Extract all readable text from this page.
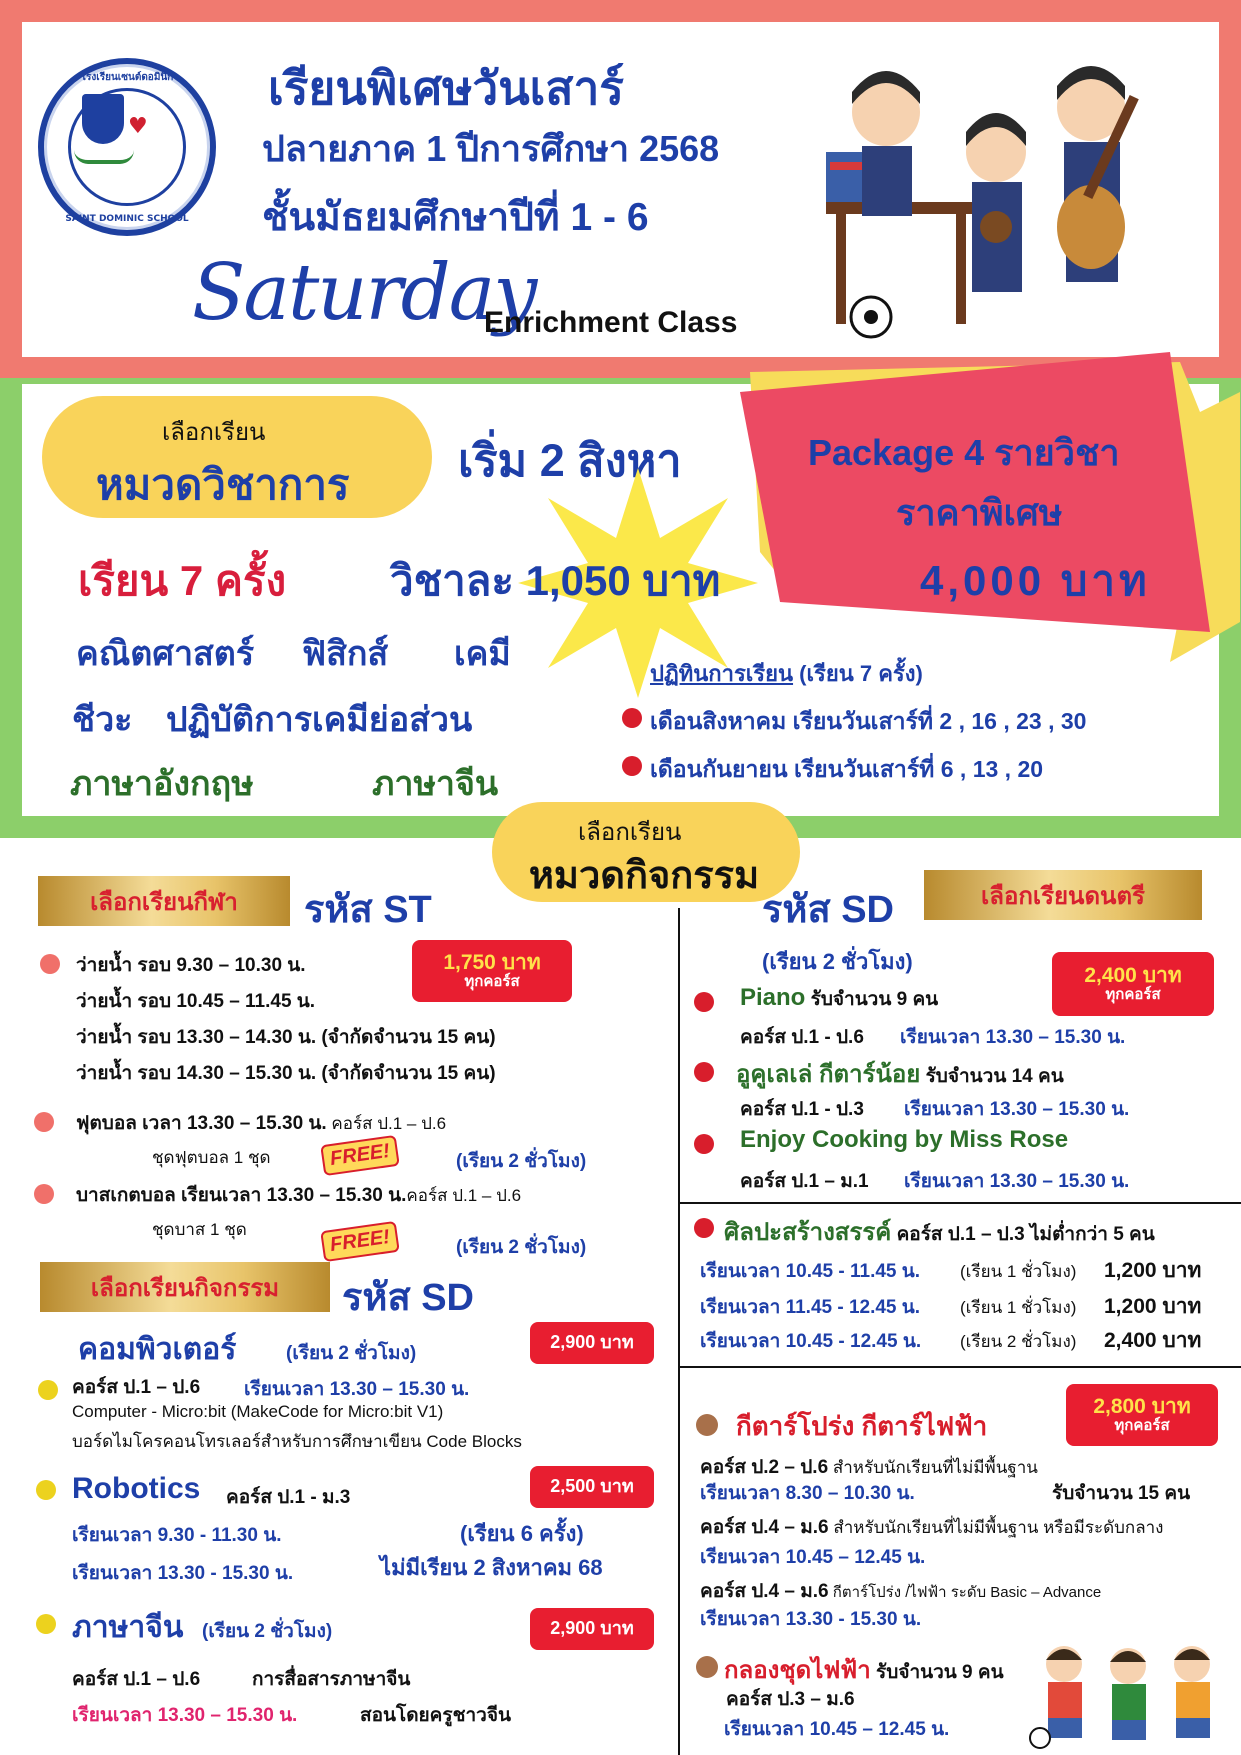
โรงเรียนเซนต์ดอมินิก
♥
SAINT DOMINIC SCHOOL
เรียนพิเศษวันเสาร์
ปลายภาค 1 ปีการศึกษา 2568
ชั้นมัธยมศึกษาปีที่ 1 - 6
Saturday
Enrichment Class
เลือกเรียน
หมวดวิชาการ เริ่ม 2 สิงหา	Package 4 รายวิชา
ราคาพิเศษ
4,000 บาท
เรียน 7 ครั้ง วิชาละ 1,050 บาท
คณิตศาสตร์ ฟิสิกส์ เคมี
ชีวะ ปฏิบัติการเคมีย่อส่วน
ภาษาอังกฤษ	ภาษาจีน
ปฏิทินการเรียน (เรียน 7 ครั้ง)
เดือนสิงหาคม เรียนวันเสาร์ที่ 2 , 16 , 23 , 30
เดือนกันยายน เรียนวันเสาร์ที่ 6 , 13 , 20
เลือกเรียน
หมวดกิจกรรม
เลือกเรียนกีฬา	รหัส ST
ว่ายน้ำ รอบ 9.30 – 10.30 น.
ว่ายน้ำ รอบ 10.45 – 11.45 น.
ว่ายน้ำ รอบ 13.30 – 14.30 น. (จำกัดจำนวน 15 คน)
ว่ายน้ำ รอบ 14.30 – 15.30 น. (จำกัดจำนวน 15 คน)
1,750 บาท
ทุกคอร์ส
ฟุตบอล เวลา 13.30 – 15.30 น. คอร์ส ป.1 – ป.6
ชุดฟุตบอล 1 ชุด	FREE!	(เรียน 2 ชั่วโมง)
บาสเกตบอล เรียนเวลา 13.30 – 15.30 น.คอร์ส ป.1 – ป.6
ชุดบาส 1 ชุด	FREE!	(เรียน 2 ชั่วโมง)
เลือกเรียนกิจกรรม	รหัส SD
คอมพิวเตอร์	(เรียน 2 ชั่วโมง)
2,900 บาท
คอร์ส ป.1 – ป.6 เรียนเวลา 13.30 – 15.30 น.
Computer - Micro:bit (MakeCode for Micro:bit V1)
บอร์ดไมโครคอนโทรเลอร์สำหรับการศึกษาเขียน Code Blocks
Robotics คอร์ส ป.1 - ม.3
2,500 บาท
เรียนเวลา 9.30 - 11.30 น.	(เรียน 6 ครั้ง)
เรียนเวลา 13.30 - 15.30 น.	ไม่มีเรียน 2 สิงหาคม 68
ภาษาจีน (เรียน 2 ชั่วโมง)	2,900 บาท
คอร์ส ป.1 – ป.6	การสื่อสารภาษาจีน
เรียนเวลา 13.30 – 15.30 น.	สอนโดยครูชาวจีน
รหัส SD	เลือกเรียนดนตรี
(เรียน 2 ชั่วโมง)
2,400 บาท
ทุกคอร์ส
Piano รับจำนวน 9 คน
คอร์ส ป.1 - ป.6 เรียนเวลา 13.30 – 15.30 น.
อูคูเลเล่ กีตาร์น้อย รับจำนวน 14 คน
คอร์ส ป.1 - ป.3 เรียนเวลา 13.30 – 15.30 น.
Enjoy Cooking by Miss Rose
คอร์ส ป.1 – ม.1 เรียนเวลา 13.30 – 15.30 น.
ศิลปะสร้างสรรค์ คอร์ส ป.1 – ป.3 ไม่ต่ำกว่า 5 คน
เรียนเวลา 10.45 - 11.45 น. (เรียน 1 ชั่วโมง) 1,200 บาท
เรียนเวลา 11.45 - 12.45 น. (เรียน 1 ชั่วโมง) 1,200 บาท
เรียนเวลา 10.45 - 12.45 น. (เรียน 2 ชั่วโมง) 2,400 บาท
กีตาร์โปร่ง กีตาร์ไฟฟ้า
2,800 บาท
ทุกคอร์ส
คอร์ส ป.2 – ป.6 สำหรับนักเรียนที่ไม่มีพื้นฐาน
เรียนเวลา 8.30 – 10.30 น.	รับจำนวน 15 คน
คอร์ส ป.4 – ม.6 สำหรับนักเรียนที่ไม่มีพื้นฐาน หรือมีระดับกลาง
เรียนเวลา 10.45 – 12.45 น.
คอร์ส ป.4 – ม.6 กีตาร์โปร่ง /ไฟฟ้า ระดับ Basic – Advance
เรียนเวลา 13.30 - 15.30 น.
กลองชุดไฟฟ้า รับจำนวน 9 คน
คอร์ส ป.3 – ม.6
เรียนเวลา 10.45 – 12.45 น.
